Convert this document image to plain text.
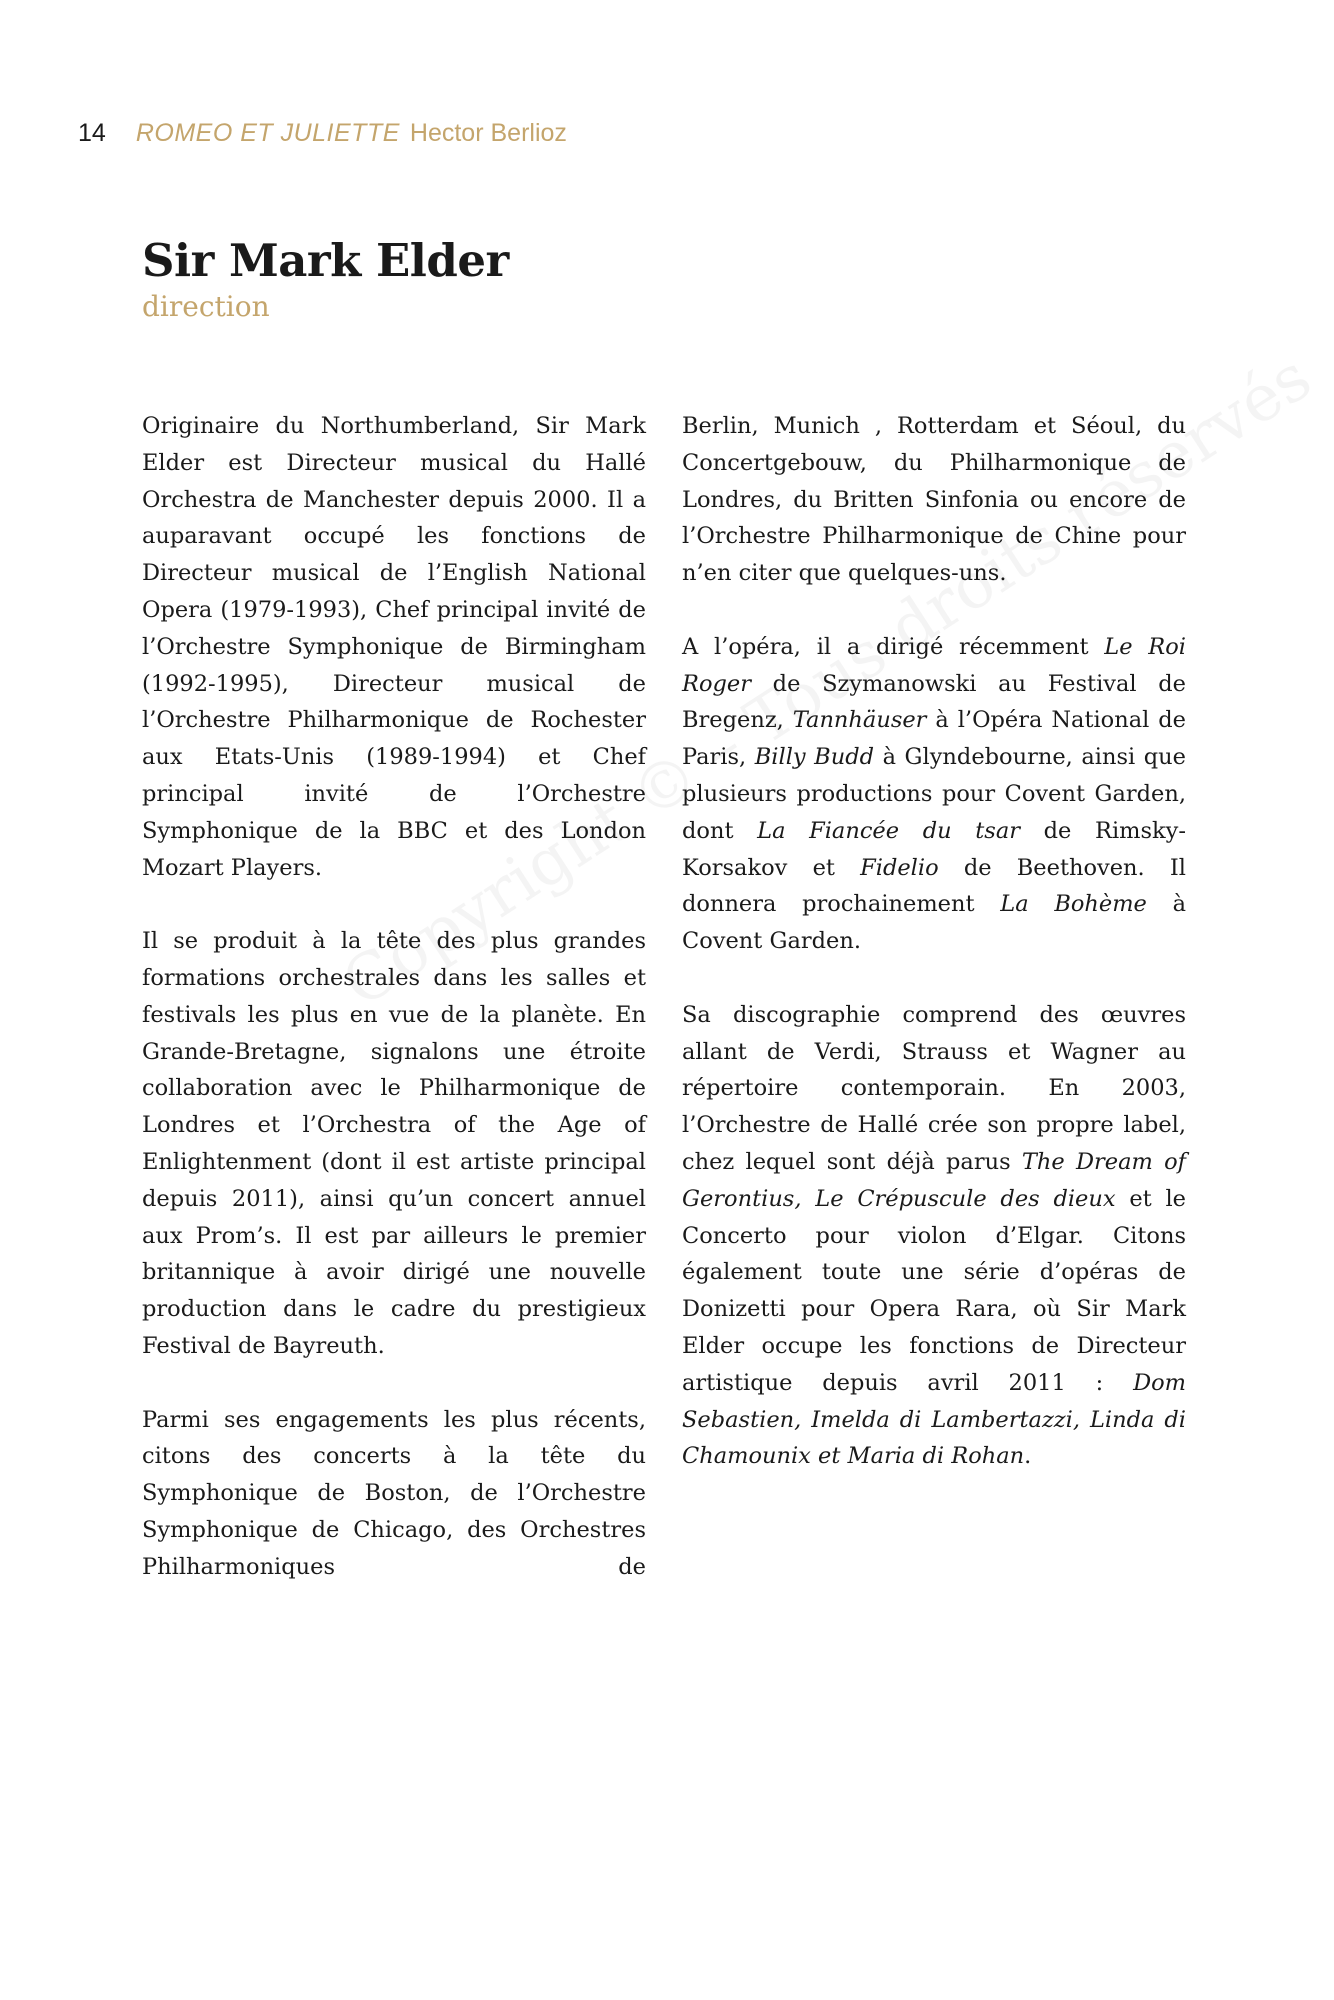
14 ROMEO ET JULIETTE Hector Berlioz
Sir Mark Elder
direction

Originaire du Northumberland, Sir Mark Elder est Directeur musical du Hallé Orchestra de Manchester depuis 2000. Il a auparavant occupé les fonctions de Directeur musical de l’English National Opera (1979-1993), Chef principal invité de l’Orchestre Symphonique de Birmingham (1992-1995), Directeur musical de l’Orchestre Philharmonique de Rochester aux Etats-Unis (1989-1994) et Chef principal invité de l’Orchestre Symphonique de la BBC et des London Mozart Players.

Il se produit à la tête des plus grandes formations orchestrales dans les salles et festivals les plus en vue de la planète. En Grande-Bretagne, signalons une étroite collaboration avec le Philharmonique de Londres et l’Orchestra of the Age of Enlightenment (dont il est artiste principal depuis 2011), ainsi qu’un concert annuel aux Prom’s. Il est par ailleurs le premier britannique à avoir dirigé une nouvelle production dans le cadre du prestigieux Festival de Bayreuth.

Parmi ses engagements les plus récents, citons des concerts à la tête du Symphonique de Boston, de l’Orchestre Symphonique de Chicago, des Orchestres Philharmoniques de

Berlin, Munich , Rotterdam et Séoul, du Concertgebouw, du Philharmonique de Londres, du Britten Sinfonia ou encore de l’Orchestre Philharmonique de Chine pour n’en citer que quelques-uns.

A l’opéra, il a dirigé récemment Le Roi Roger de Szymanowski au Festival de Bregenz, Tannhäuser à l’Opéra National de Paris, Billy Budd à Glyndebourne, ainsi que plusieurs productions pour Covent Garden, dont La Fiancée du tsar de Rimsky-Korsakov et Fidelio de Beethoven. Il donnera prochainement La Bohème à Covent Garden.

Sa discographie comprend des œuvres allant de Verdi, Strauss et Wagner au répertoire contemporain. En 2003, l’Orchestre de Hallé crée son propre label, chez lequel sont déjà parus The Dream of Gerontius, Le Crépuscule des dieux et le Concerto pour violon d’Elgar. Citons également toute une série d’opéras de Donizetti pour Opera Rara, où Sir Mark Elder occupe les fonctions de Directeur artistique depuis avril 2011 : Dom Sebastien, Imelda di Lambertazzi, Linda di Chamounix et Maria di Rohan.
